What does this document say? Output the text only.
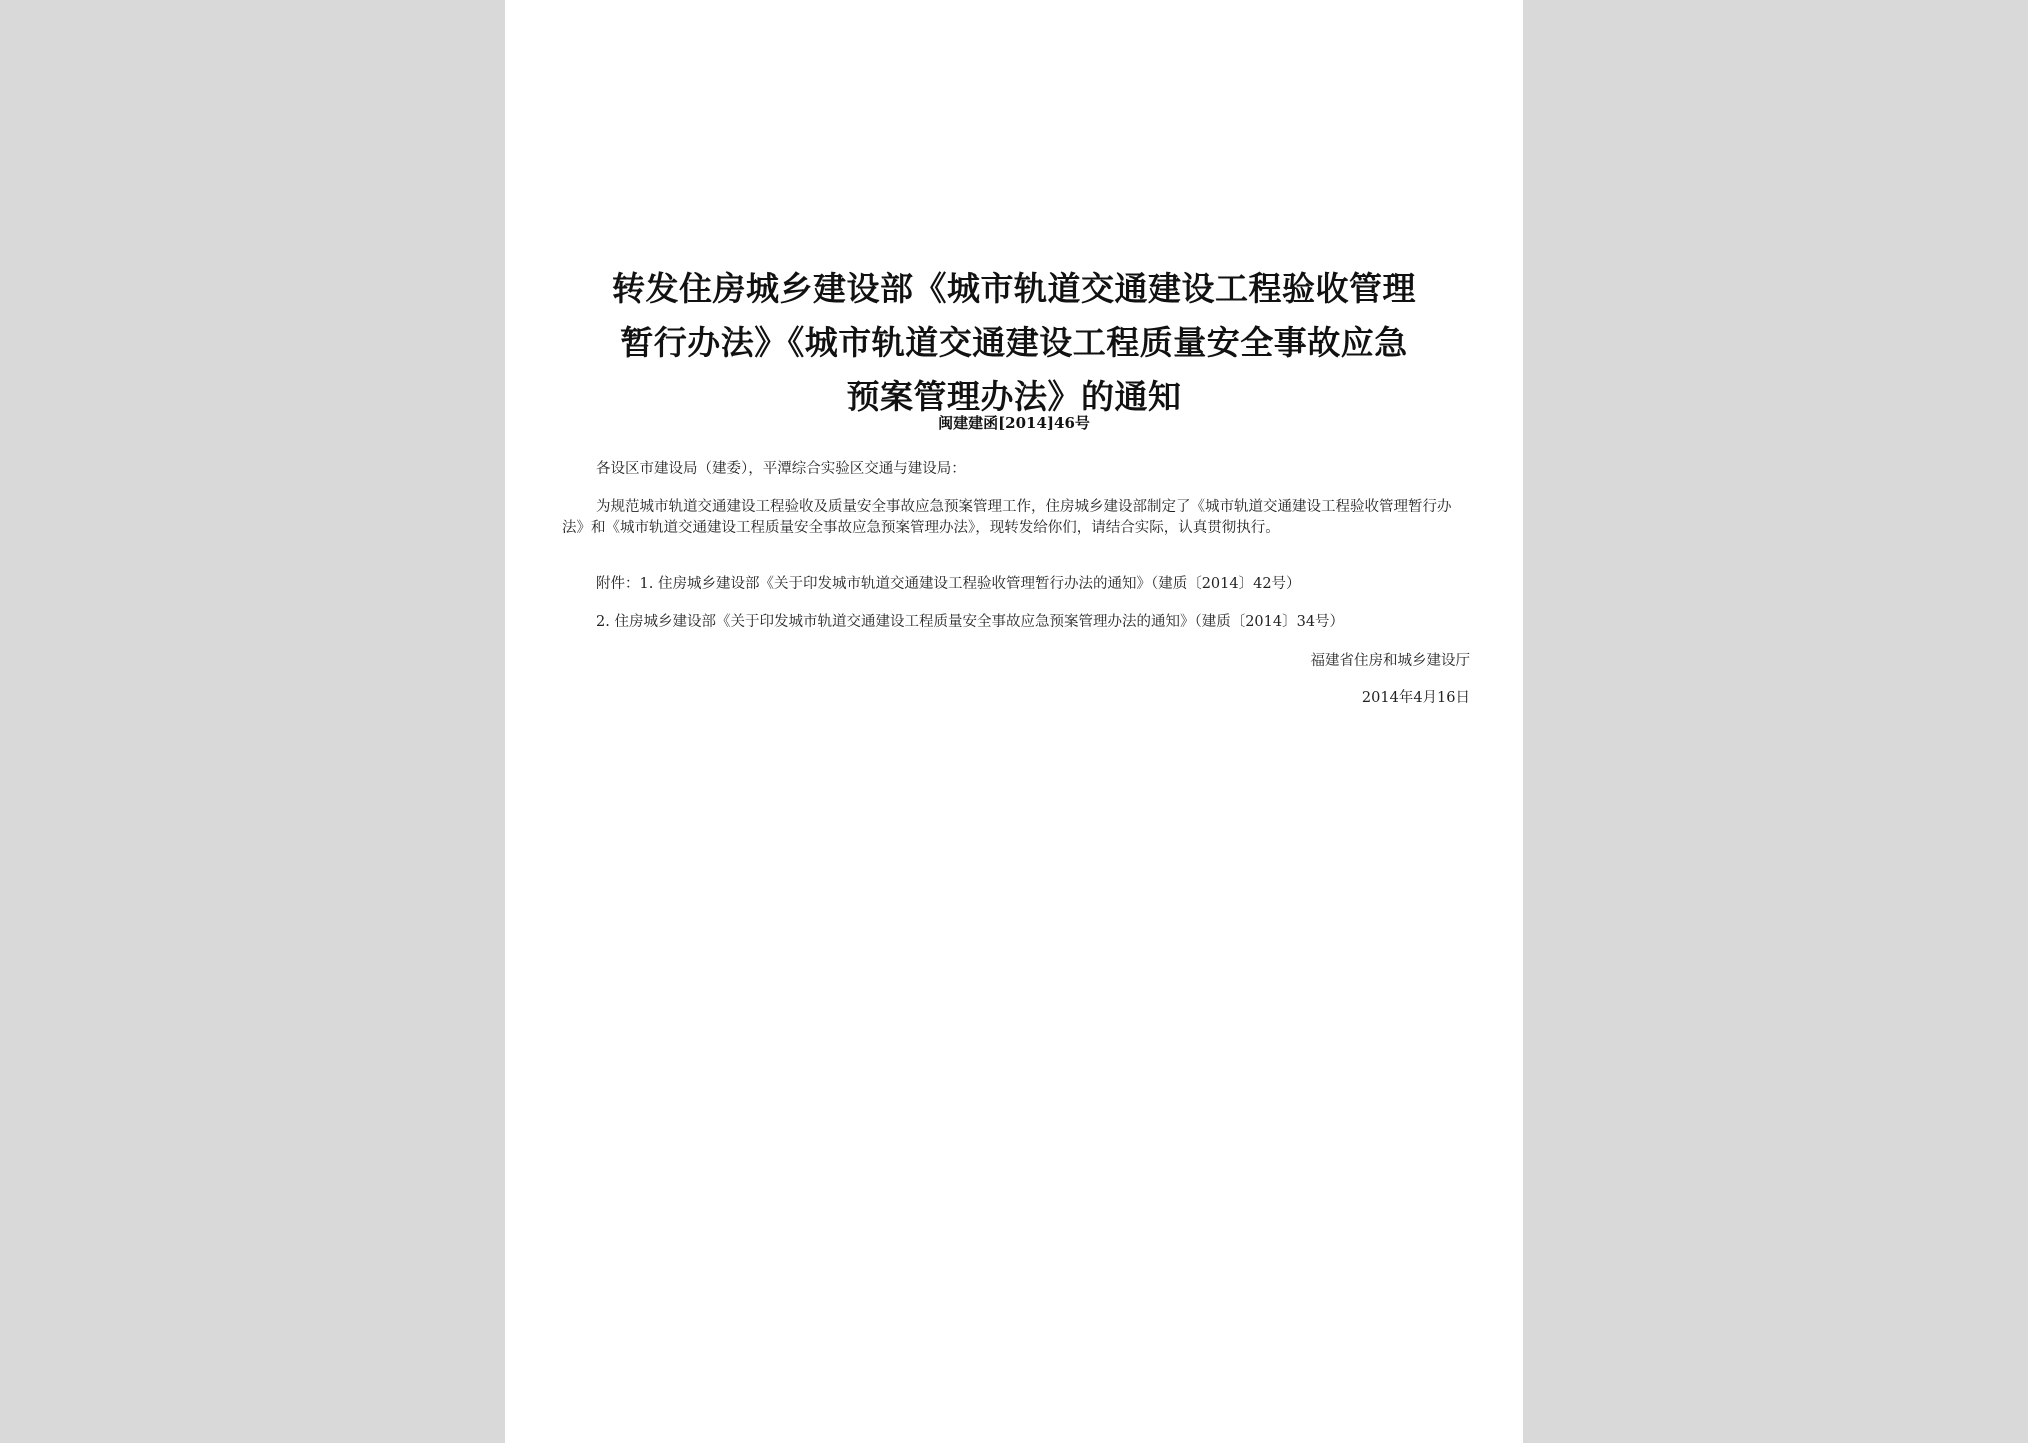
转发住房城乡建设部《城市轨道交通建设工程验收管理
暂行办法》《城市轨道交通建设工程质量安全事故应急
预案管理办法》的通知
闽建建函[2014]46号
各设区市建设局（建委），平潭综合实验区交通与建设局：
为规范城市轨道交通建设工程验收及质量安全事故应急预案管理工作，住房城乡建设部制定了《城市轨道交通建设工程验收管理暂行办法》和《城市轨道交通建设工程质量安全事故应急预案管理办法》，现转发给你们，请结合实际，认真贯彻执行。
附件：1. 住房城乡建设部《关于印发城市轨道交通建设工程验收管理暂行办法的通知》（建质〔2014〕42号）
2. 住房城乡建设部《关于印发城市轨道交通建设工程质量安全事故应急预案管理办法的通知》（建质〔2014〕34号）
福建省住房和城乡建设厅
2014年4月16日
